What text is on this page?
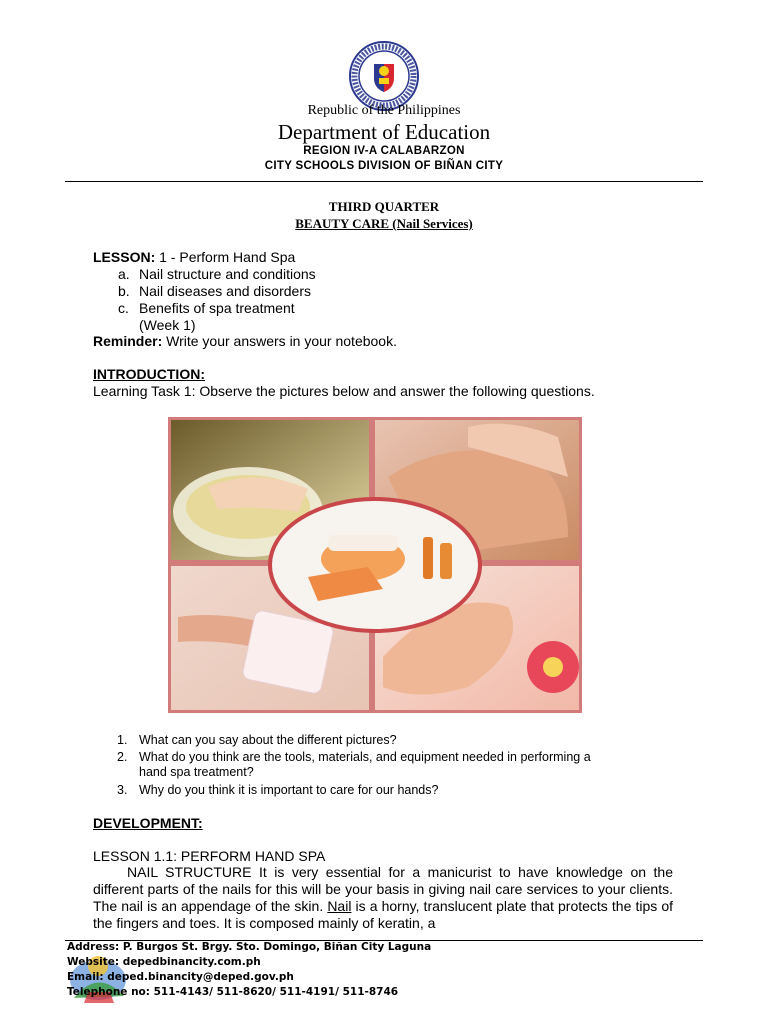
Republic of the Philippines
Department of Education
REGION IV-A CALABARZON
CITY SCHOOLS DIVISION OF BIÑAN CITY
THIRD QUARTER
BEAUTY CARE (Nail Services)
LESSON: 1 - Perform Hand Spa
a. Nail structure and conditions
b. Nail diseases and disorders
c. Benefits of spa treatment
(Week 1)
Reminder: Write your answers in your notebook.
INTRODUCTION:
Learning Task 1: Observe the pictures below and answer the following questions.
1. What can you say about the different pictures?
2. What do you think are the tools, materials, and equipment needed in performing a
hand spa treatment?
3. Why do you think it is important to care for our hands?
DEVELOPMENT:
LESSON 1.1: PERFORM HAND SPA
NAIL STRUCTURE It is very essential for a manicurist to have knowledge on the different parts of the nails for this will be your basis in giving nail care services to your clients. The nail is an appendage of the skin. Nail is a horny, translucent plate that protects the tips of the fingers and toes. It is composed mainly of keratin, a
Address: P. Burgos St. Brgy. Sto. Domingo, Biñan City Laguna
Website: depedbinancity.com.ph
Email: deped.binancity@deped.gov.ph
Telephone no: 511-4143/ 511-8620/ 511-4191/ 511-8746
